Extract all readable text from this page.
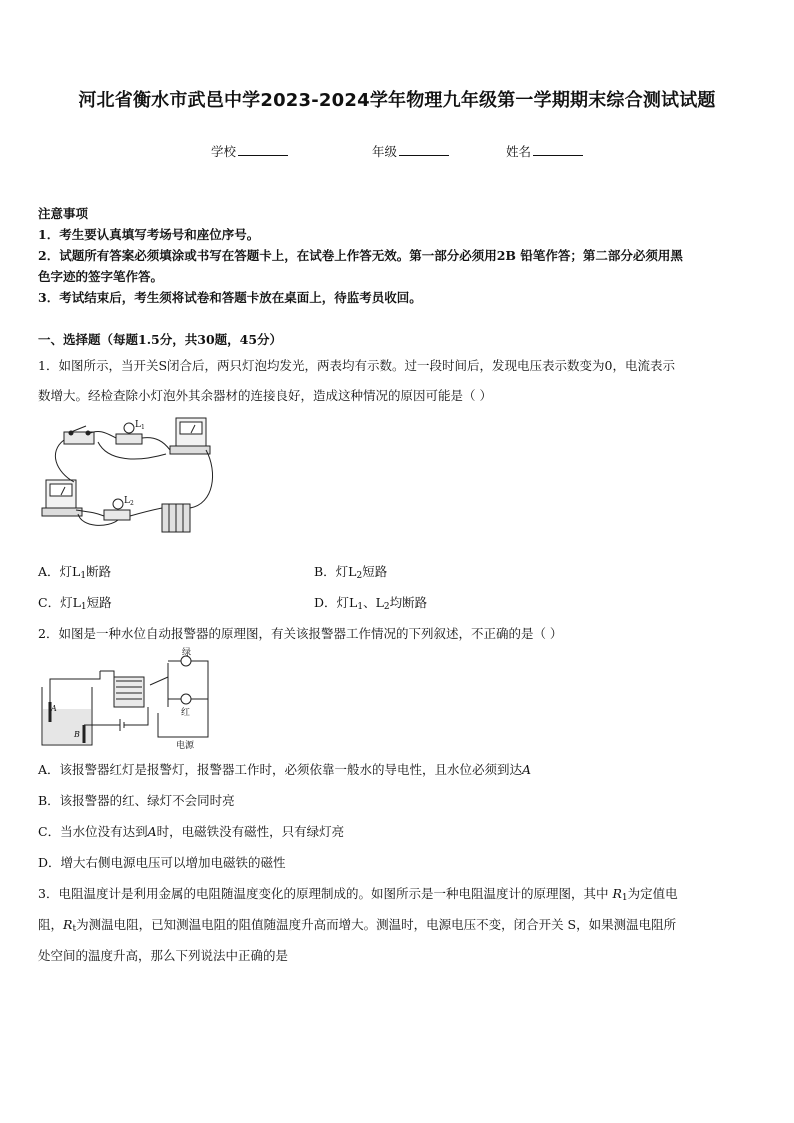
河北省衡水市武邑中学2023-2024学年物理九年级第一学期期末综合测试试题
学校	年级	姓名
注意事项
1．考生要认真填写考场号和座位序号。
2．试题所有答案必须填涂或书写在答题卡上，在试卷上作答无效。第一部分必须用2B 铅笔作答；第二部分必须用黑
色字迹的签字笔作答。
3．考试结束后，考生须将试卷和答题卡放在桌面上，待监考员收回。
一、选择题（每题1.5分，共30题，45分）
1．如图所示，当开关S闭合后，两只灯泡均发光，两表均有示数。过一段时间后，发现电压表示数变为0，电流表示
数增大。经检查除小灯泡外其余器材的连接良好，造成这种情况的原因可能是（ ）
$L_1$
$L_2$
A．灯$L_1$断路	B．灯$L_2$短路
C．灯$L_1$短路	D．灯$L_1$、$L_2$均断路
2．如图是一种水位自动报警器的原理图，有关该报警器工作情况的下列叙述，不正确的是（ ）
绿
红
电源
A
B
A．该报警器红灯是报警灯，报警器工作时，必须依靠一般水的导电性，且水位必须到达A
B．该报警器的红、绿灯不会同时亮
C．当水位没有达到A时，电磁铁没有磁性，只有绿灯亮
D．增大右侧电源电压可以增加电磁铁的磁性
3．电阻温度计是利用金属的电阻随温度变化的原理制成的。如图所示是一种电阻温度计的原理图，其中 $R_1$为定值电
阻，$R_t$为测温电阻，已知测温电阻的阻值随温度升高而增大。测温时，电源电压不变，闭合开关 S，如果测温电阻所
处空间的温度升高，那么下列说法中正确的是
